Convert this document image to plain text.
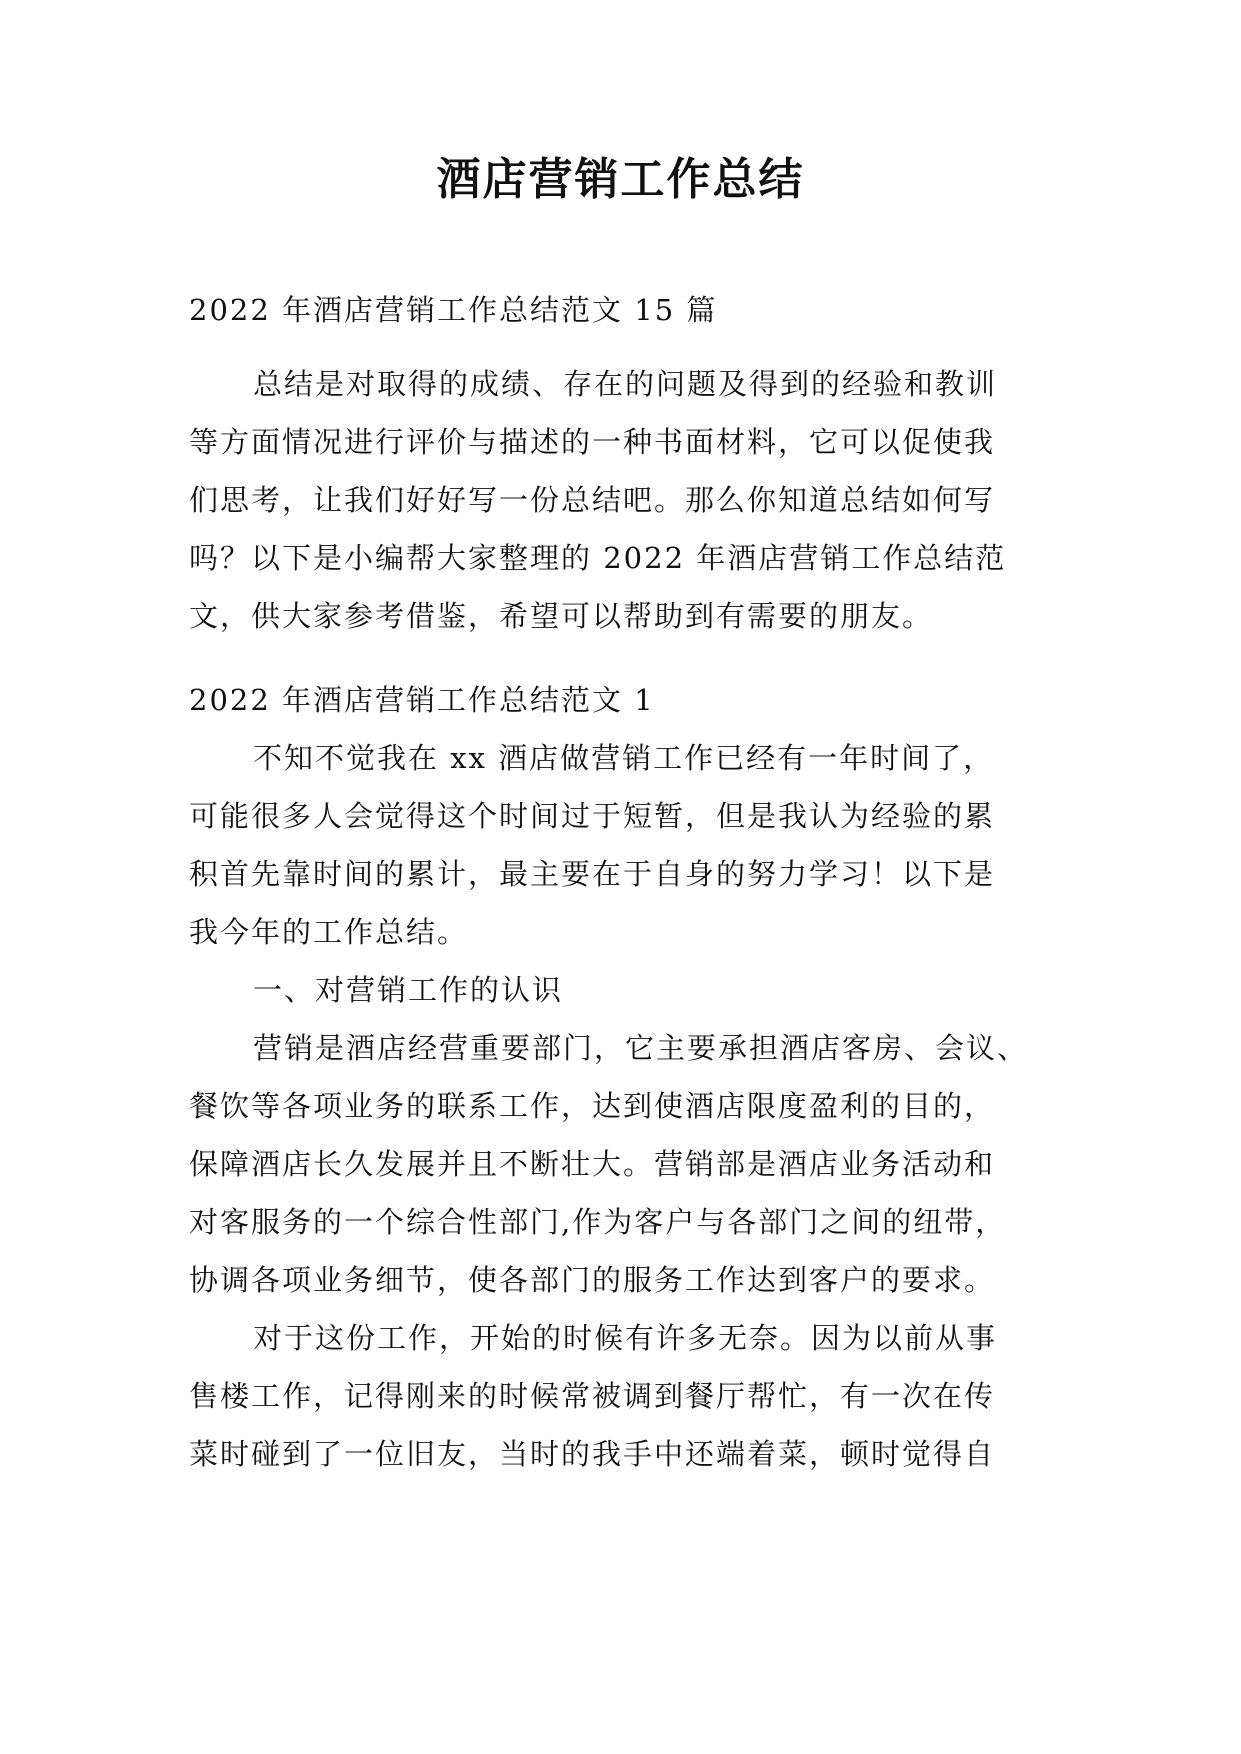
酒店营销工作总结
2022 年酒店营销工作总结范文 15 篇
总结是对取得的成绩、存在的问题及得到的经验和教训
等方面情况进行评价与描述的一种书面材料，它可以促使我
们思考，让我们好好写一份总结吧。那么你知道总结如何写
吗？以下是小编帮大家整理的 2022 年酒店营销工作总结范
文，供大家参考借鉴，希望可以帮助到有需要的朋友。
2022 年酒店营销工作总结范文 1
不知不觉我在 xx 酒店做营销工作已经有一年时间了，
可能很多人会觉得这个时间过于短暂，但是我认为经验的累
积首先靠时间的累计，最主要在于自身的努力学习！以下是
我今年的工作总结。
一、对营销工作的认识
营销是酒店经营重要部门，它主要承担酒店客房、会议、
餐饮等各项业务的联系工作，达到使酒店限度盈利的目的，
保障酒店长久发展并且不断壮大。营销部是酒店业务活动和
对客服务的一个综合性部门,作为客户与各部门之间的纽带，
协调各项业务细节，使各部门的服务工作达到客户的要求。
对于这份工作，开始的时候有许多无奈。因为以前从事
售楼工作，记得刚来的时候常被调到餐厅帮忙，有一次在传
菜时碰到了一位旧友，当时的我手中还端着菜，顿时觉得自
